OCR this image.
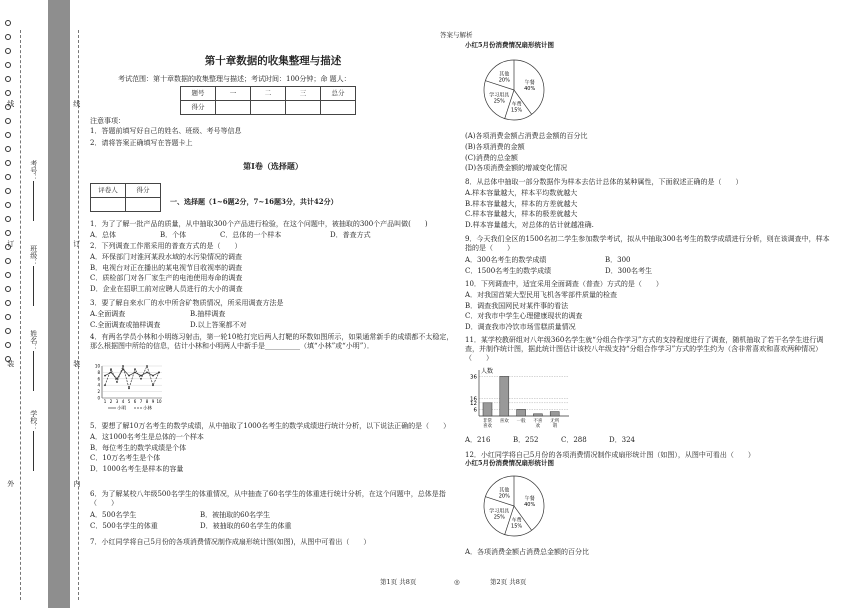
线
订
装
外
考号：
班级：
姓名：
学校：
线
订
装
内
答案与解析
第十章数据的收集整理与描述
考试范围：第十章数据的收集整理与描述；考试时间：100分钟；命 题人：
题号	一	二	三	总分
得分				
注意事项：
1．答题前填写好自己的姓名、班级、考号等信息
2．请将答案正确填写在答题卡上
第I卷（选择题）
评卷人	得分

一、选择题（1~6题2分，7~16题3分，共计42分）
1．为了了解一批产品的质量，从中抽取300个产品进行检验，在这个问题中，被抽取的300个产品叫做(　　)
A．总体	B．个体	C．总体的一个样本	D．普查方式
2．下列调查工作需采用的普查方式的是（　　）
A．环保部门对淮河某段水域的水污染情况的调查
B．电视台对正在播出的某电视节目收视率的调查
C．质检部门对各厂家生产的电池使用寿命的调查
D．企业在招职工前对应聘人员进行的大小的调查
3．要了解自来水厂的水中所含矿物质情况，所采用调查方法是
A.全面调查	B.抽样调查
C.全面调查或抽样调查	D.以上答案都不对
4．有两名学员小林和小明练习射击，第一轮10枪打完后两人打靶的环数如图所示，如果通常新手的成绩都不太稳定，那么根据图中所给的信息，估计小林和小明两人中新手是__________（填“小林”或“小明”）．
10
8
6
4
2
0
1 2 3 4 5 6 7 8 9 10
小明	小林
5．要想了解10万名考生的数学成绩，从中抽取了1000名考生的数学成绩进行统计分析，以下说法正确的是（　　）
A．这1000名考生是总体的一个样本
B．每位考生的数学成绩是个体
C．10万名考生是个体
D．1000名考生是样本的容量
6．为了解某校八年级500名学生的体重情况，从中抽查了60名学生的体重进行统计分析，在这个问题中，总体是指（　　）
A．500名学生	B．被抽取的60名学生
C．500名学生的体重	D．被抽取的60名学生的体重
7．小红同学将自己5月份的各项消费情况制作成扇形统计图(如图)，从图中可看出（　　）
小红5月份消费情况扇形统计图
午餐
40%
车费
15%
学习用具
25%
其他
20%
(A)各项消费金额占消费总金额的百分比
(B)各项消费的金额
(C)消费的总金额
(D)各项消费金额的增减变化情况
8．从总体中抽取一部分数据作为样本去估计总体的某种属性，下面叙述正确的是（　　）
A.样本容量越大，样本平均数就越大
B.样本容量越大，样本的方差就越大
C.样本容量越大，样本的极差就越大
D.样本容量越大，对总体的估计就越准确.
9．今天我们全区的1500名初二学生参加数学考试，拟从中抽取300名考生的数学成绩进行分析，则在该调查中，样本指的是（　　）
A．300名考生的数学成绩	B．300
C．1500名考生的数学成绩	D．300名考生
10．下列调查中，适宜采用全面调查（普查）方式的是（　　）
A．对我国首架大型民用飞机各零部件质量的检查
B．调查我国网民对某件事的看法
C．对我市中学生心理健康现状的调查
D．调查我市冷饮市场雪糕质量情况
11．某学校教研组对八年级360名学生就“分组合作学习”方式的支持程度进行了调查，随机抽取了若干名学生进行调查，并制作统计图，据此统计图估计该校八年级支持“分组合作学习”方式的学生约为（含非常喜欢和喜欢两种情况）（　　）
人数
36
16
12
6
非常
喜欢
喜欢 一般 不喜
欢
无所
谓
A．216	B．252	C．288	D．324
12．小红同学将自己5月份的各项消费情况制作成扇形统计图（如图），从图中可看出（　　）
小红5月份消费情况扇形统计图
午餐
40%
车费
15%
学习用具
25%
其他
20%
A．各项消费金额占消费总金额的百分比
第1页 共8页	◎	第2页 共8页
